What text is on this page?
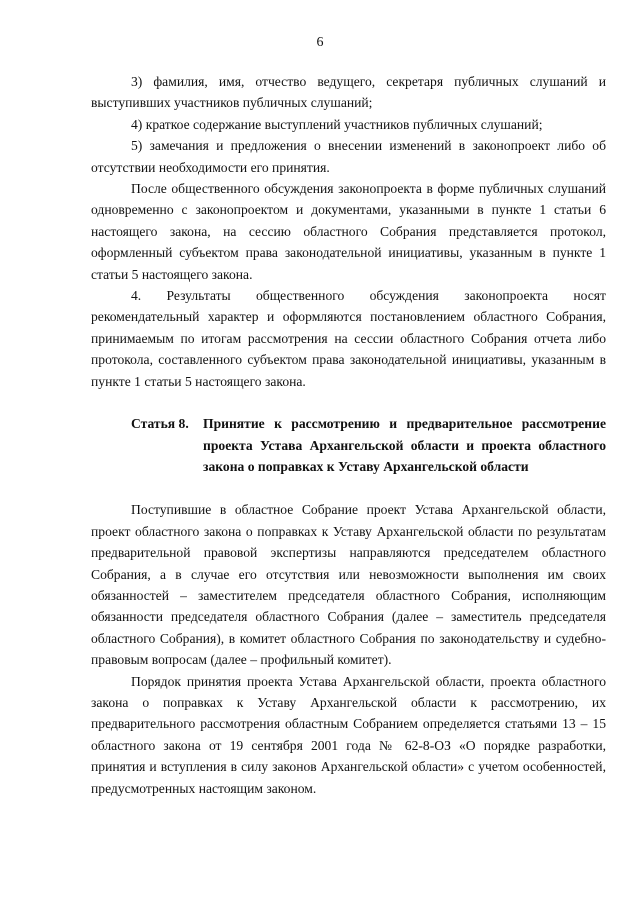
6

3) фамилия, имя, отчество ведущего, секретаря публичных слушаний и выступивших участников публичных слушаний;

4) краткое содержание выступлений участников публичных слушаний;

5) замечания и предложения о внесении изменений в законопроект либо об отсутствии необходимости его принятия.

После общественного обсуждения законопроекта в форме публичных слушаний одновременно с законопроектом и документами, указанными в пункте 1 статьи 6 настоящего закона, на сессию областного Собрания представляется протокол, оформленный субъектом права законодательной инициативы, указанным в пункте 1 статьи 5 настоящего закона.

4. Результаты общественного обсуждения законопроекта носят рекомендательный характер и оформляются постановлением областного Собрания, принимаемым по итогам рассмотрения на сессии областного Собрания отчета либо протокола, составленного субъектом права законодательной инициативы, указанным в пункте 1 статьи 5 настоящего закона.

Статья 8.	Принятие к рассмотрению и предварительное рассмотрение проекта Устава Архангельской области и проекта областного закона о поправках к Уставу Архангельской области

Поступившие в областное Собрание проект Устава Архангельской области, проект областного закона о поправках к Уставу Архангельской области по результатам предварительной правовой экспертизы направляются председателем областного Собрания, а в случае его отсутствия или невозможности выполнения им своих обязанностей – заместителем председателя областного Собрания, исполняющим обязанности председателя областного Собрания (далее – заместитель председателя областного Собрания), в комитет областного Собрания по законодательству и судебно-правовым вопросам (далее – профильный комитет).

Порядок принятия проекта Устава Архангельской области, проекта областного закона о поправках к Уставу Архангельской области к рассмотрению, их предварительного рассмотрения областным Собранием определяется статьями 13 – 15 областного закона от 19 сентября 2001 года № 62-8-ОЗ «О порядке разработки, принятия и вступления в силу законов Архангельской области» с учетом особенностей, предусмотренных настоящим законом.
